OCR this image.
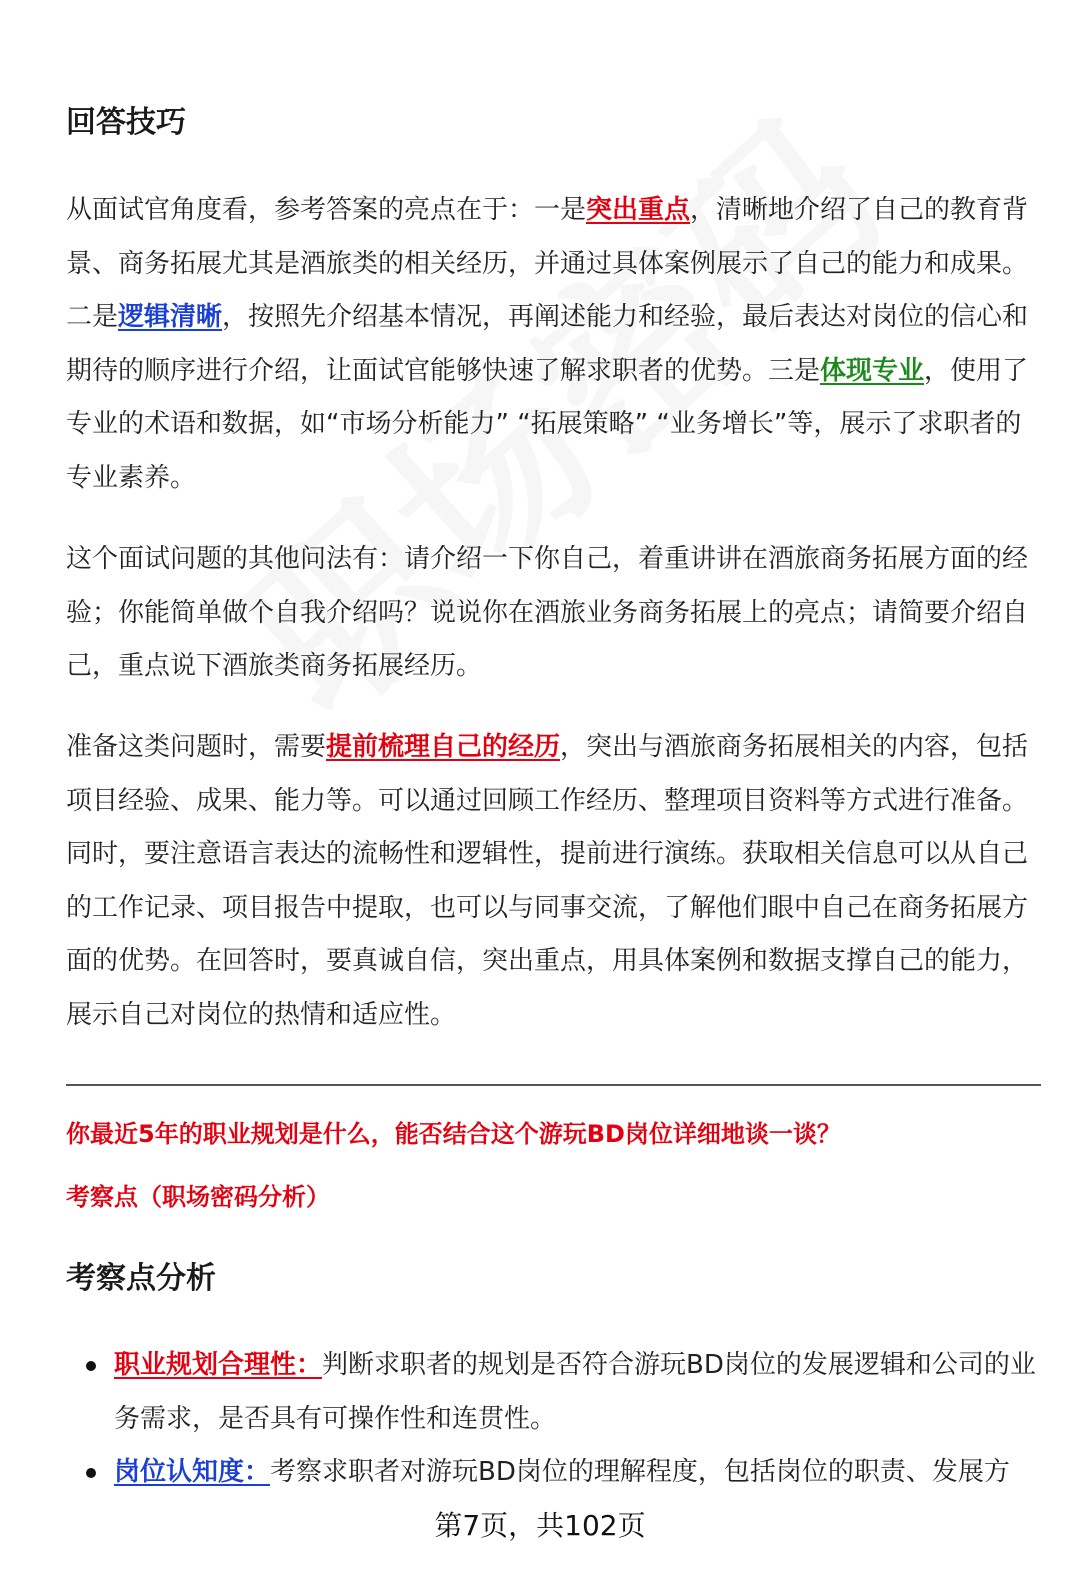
回答技巧

从面试官角度看，参考答案的亮点在于：一是突出重点，清晰地介绍了自己的教育背景、商务拓展尤其是酒旅类的相关经历，并通过具体案例展示了自己的能力和成果。二是逻辑清晰，按照先介绍基本情况，再阐述能力和经验，最后表达对岗位的信心和期待的顺序进行介绍，让面试官能够快速了解求职者的优势。三是体现专业，使用了专业的术语和数据，如“市场分析能力” “拓展策略” “业务增长”等，展示了求职者的专业素养。

这个面试问题的其他问法有：请介绍一下你自己，着重讲讲在酒旅商务拓展方面的经验；你能简单做个自我介绍吗？说说你在酒旅业务商务拓展上的亮点；请简要介绍自己，重点说下酒旅类商务拓展经历。

准备这类问题时，需要提前梳理自己的经历，突出与酒旅商务拓展相关的内容，包括项目经验、成果、能力等。可以通过回顾工作经历、整理项目资料等方式进行准备。同时，要注意语言表达的流畅性和逻辑性，提前进行演练。获取相关信息可以从自己的工作记录、项目报告中提取，也可以与同事交流，了解他们眼中自己在商务拓展方面的优势。在回答时，要真诚自信，突出重点，用具体案例和数据支撑自己的能力，展示自己对岗位的热情和适应性。

你最近5年的职业规划是什么，能否结合这个游玩BD岗位详细地谈一谈？
考察点（职场密码分析）
考察点分析
职业规划合理性：判断求职者的规划是否符合游玩BD岗位的发展逻辑和公司的业务需求，是否具有可操作性和连贯性。
岗位认知度：考察求职者对游玩BD岗位的理解程度，包括岗位的职责、发展方
第7页，共102页
